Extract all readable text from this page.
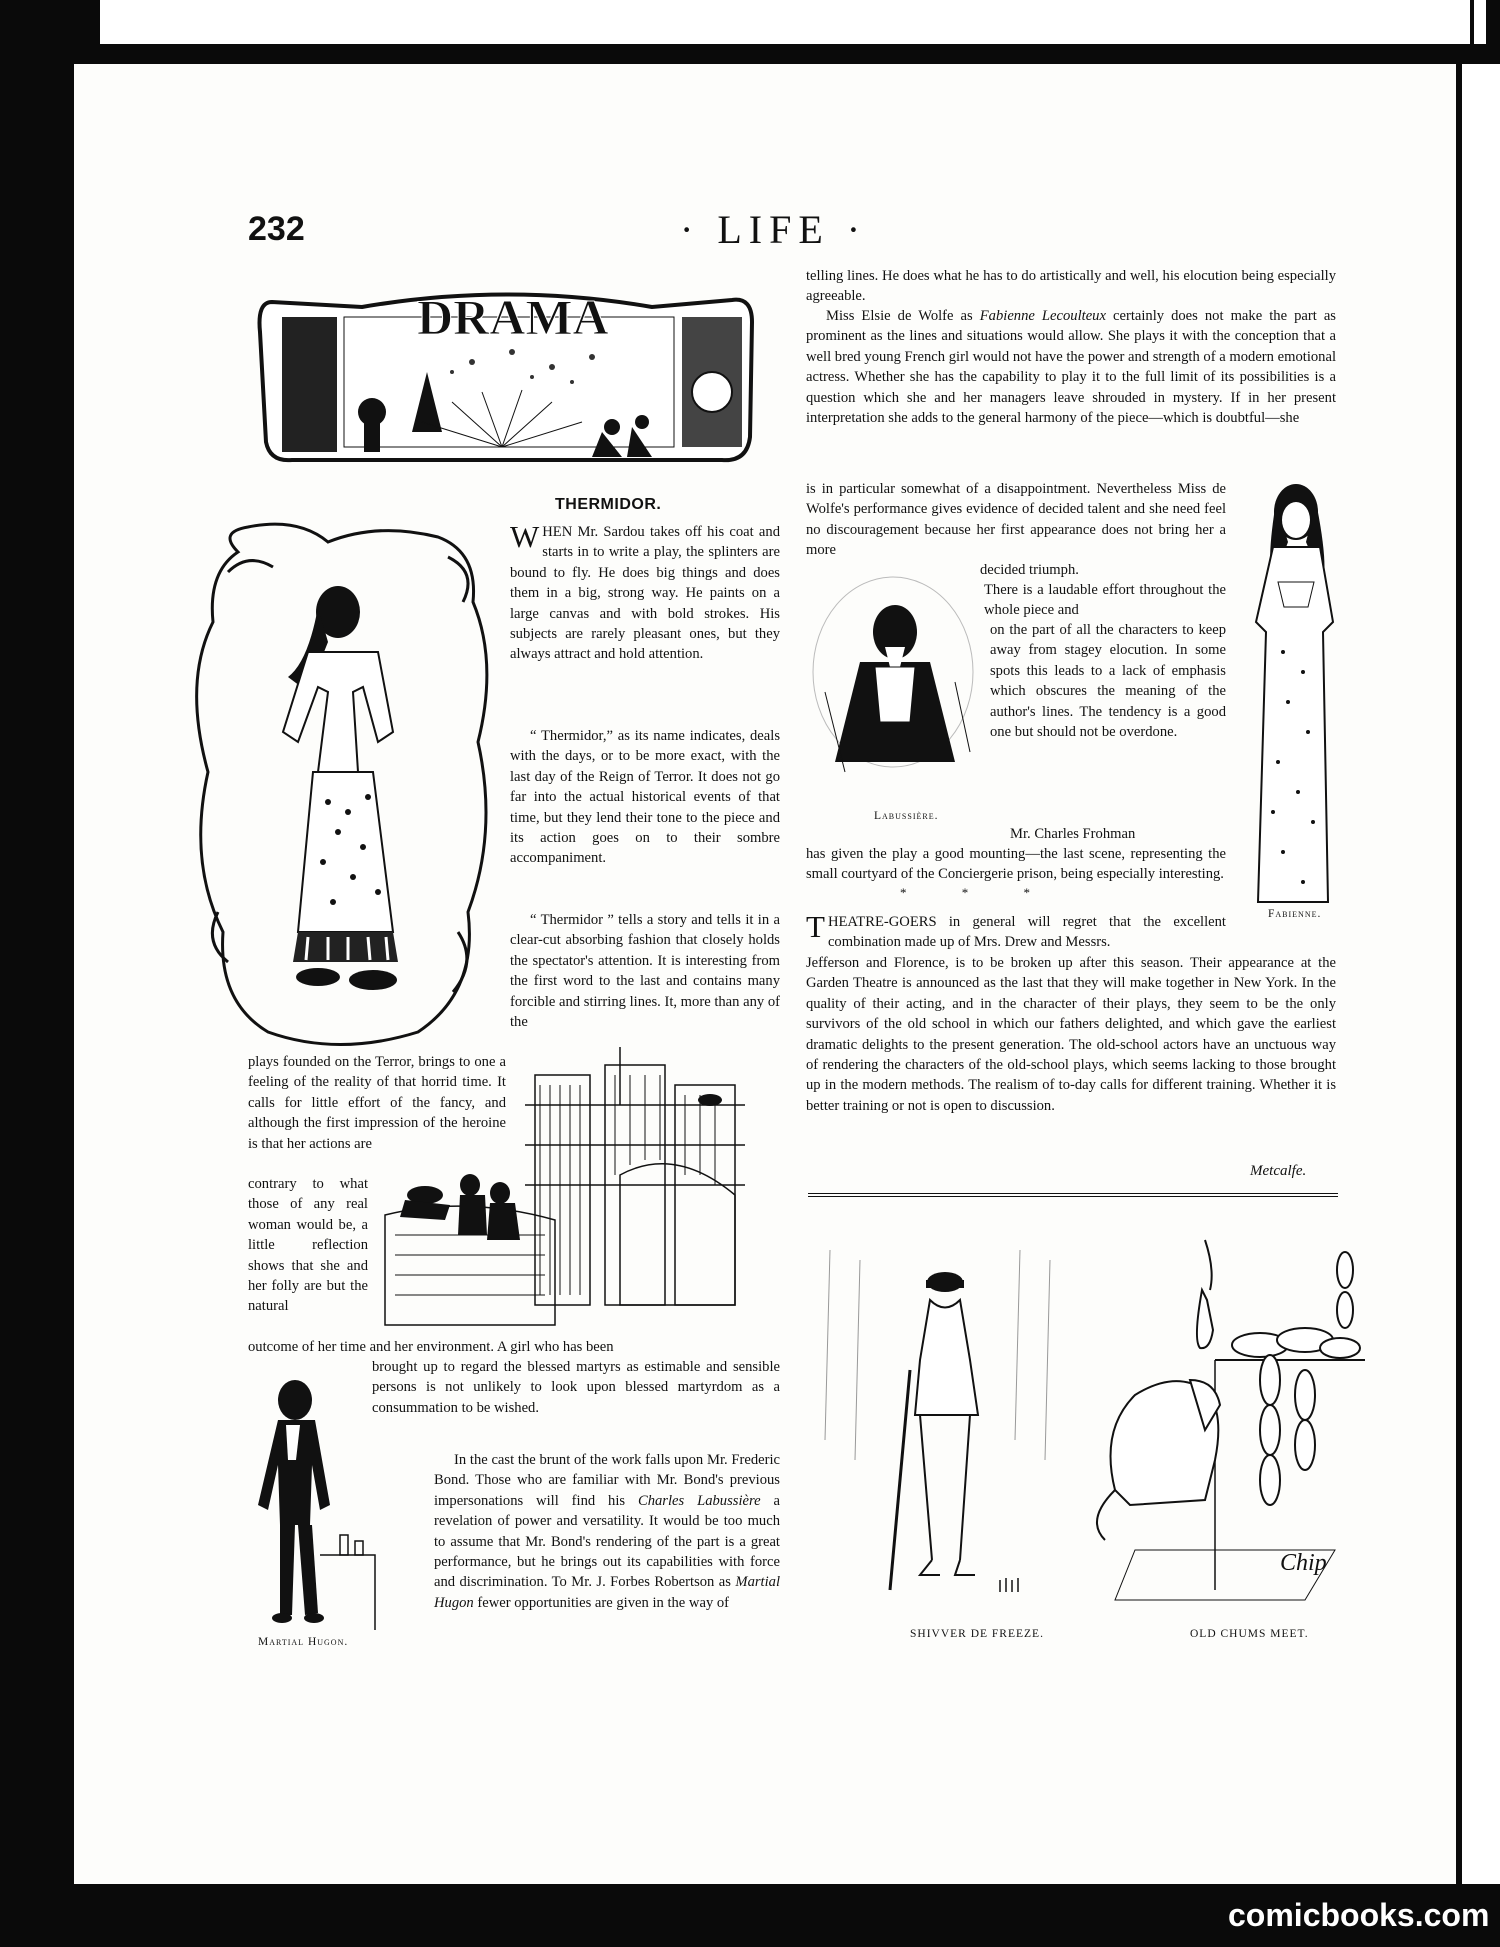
232	· LIFE ·
DRAMA
THERMIDOR.
WHEN Mr. Sardou takes off his coat and starts in to write a play, the splinters are bound to fly. He does big things and does them in a big, strong way. He paints on a large canvas and with bold strokes. His subjects are rarely pleasant ones, but they always attract and hold attention.
“ Thermidor,” as its name indicates, deals with the days, or to be more exact, with the last day of the Reign of Terror. It does not go far into the actual historical events of that time, but they lend their tone to the piece and its action goes on to their sombre accompaniment.
“ Thermidor ” tells a story and tells it in a clear-cut absorbing fashion that closely holds the spectator's attention. It is interesting from the first word to the last and contains many forcible and stirring lines. It, more than any of the
plays founded on the Terror, brings to one a feeling of the reality of that horrid time. It calls for little effort of the fancy, and although the first impression of the heroine is that her actions are
contrary to what those of any real woman would be, a little reflection shows that she and her folly are but the natural
outcome of her time and her environment. A girl who has been
brought up to regard the blessed martyrs as estimable and sensible persons is not unlikely to look upon blessed martyrdom as a consummation to be wished.
Martial Hugon.
In the cast the brunt of the work falls upon Mr. Frederic Bond. Those who are familiar with Mr. Bond's previous impersonations will find his Charles Labussière a revelation of power and versatility. It would be too much to assume that Mr. Bond's rendering of the part is a great performance, but he brings out its capabilities with force and discrimination. To Mr. J. Forbes Robertson as Martial Hugon fewer opportunities are given in the way of
telling lines. He does what he has to do artistically and well, his elocution being especially agreeable.
Miss Elsie de Wolfe as Fabienne Lecoulteux certainly does not make the part as prominent as the lines and situations would allow. She plays it with the conception that a well bred young French girl would not have the power and strength of a modern emotional actress. Whether she has the capability to play it to the full limit of its possibilities is a question which she and her managers leave shrouded in mystery. If in her present interpretation she adds to the general harmony of the piece—which is doubtful—she
is in particular somewhat of a disappointment. Nevertheless Miss de Wolfe's performance gives evidence of decided talent and she need feel no discouragement because her first appearance does not bring her a more
decided triumph.
Labussière.
There is a laudable effort throughout the whole piece and
on the part of all the characters to keep away from stagey elocution. In some spots this leads to a lack of emphasis which obscures the meaning of the author's lines. The tendency is a good one but should not be overdone.
Mr. Charles Frohman
has given the play a good mounting—the last scene, representing the small courtyard of the Conciergerie prison, being especially interesting.
Fabienne.
* * *
THEATRE-GOERS in general will regret that the excellent combination made up of Mrs. Drew and Messrs.
Jefferson and Florence, is to be broken up after this season. Their appearance at the Garden Theatre is announced as the last that they will make together in New York. In the quality of their acting, and in the character of their plays, they seem to be the only survivors of the old school in which our fathers delighted, and which gave the earliest dramatic delights to the present generation. The old-school actors have an unctuous way of rendering the characters of the old-school plays, which seems lacking to those brought up in the modern methods. The realism of to-day calls for different training. Whether it is better training or not is open to discussion.
Metcalfe.
SHIVVER DE FREEZE.
Chip
OLD CHUMS MEET.
comicbooks.com
